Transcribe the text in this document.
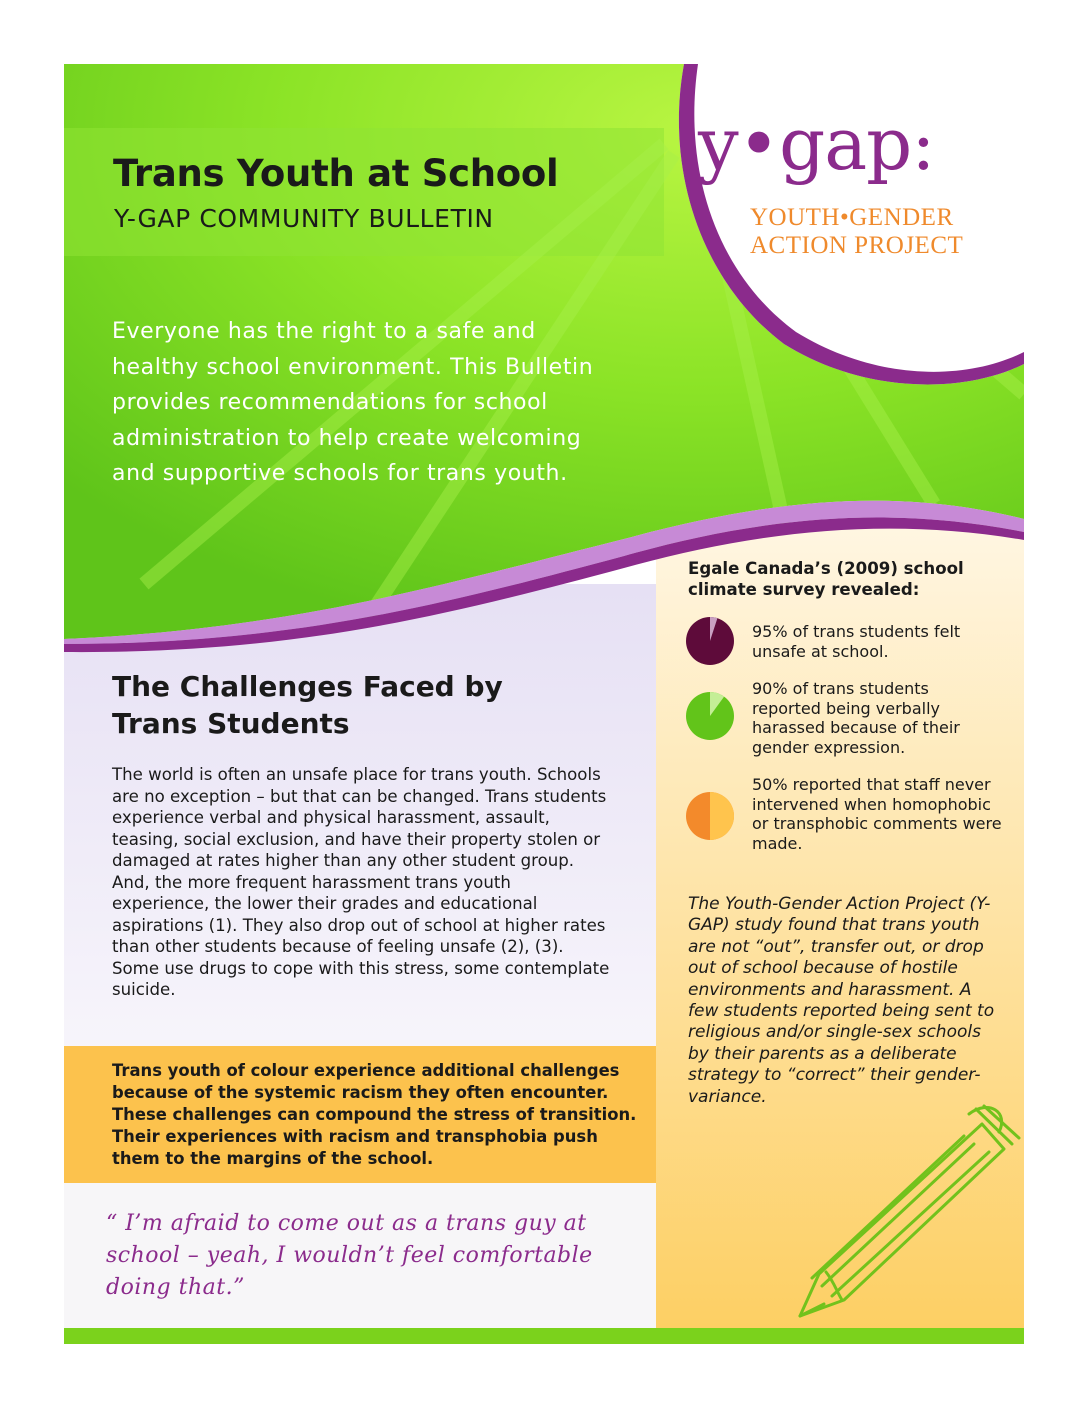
Trans Youth at School
Y-GAP COMMUNITY BULLETIN
Everyone has the right to a safe and healthy school environment. This Bulletin provides recommendations for school administration to help create welcoming and supportive schools for trans youth.
y•gap:
YOUTH•GENDER
ACTION PROJECT
The Challenges Faced by Trans Students
The world is often an unsafe place for trans youth. Schools are no exception – but that can be changed. Trans students experience verbal and physical harassment, assault, teasing, social exclusion, and have their property stolen or damaged at rates higher than any other student group. And, the more frequent harassment trans youth experience, the lower their grades and educational aspirations (1). They also drop out of school at higher rates than other students because of feeling unsafe (2), (3). Some use drugs to cope with this stress, some contemplate suicide.
Trans youth of colour experience additional challenges because of the systemic racism they often encounter. These challenges can compound the stress of transition. Their experiences with racism and transphobia push them to the margins of the school.
“ I’m afraid to come out as a trans guy at school – yeah, I wouldn’t feel comfortable doing that.”
Egale Canada’s (2009) school climate survey revealed:
95% of trans students felt unsafe at school.
90% of trans students reported being verbally harassed because of their gender expression.
50% reported that staff never intervened when homophobic or transphobic comments were made.
The Youth-Gender Action Project (Y-GAP) study found that trans youth are not “out”, transfer out, or drop out of school because of hostile environments and harassment. A few students reported being sent to religious and/or single-sex schools by their parents as a deliberate strategy to “correct” their gender-variance.
